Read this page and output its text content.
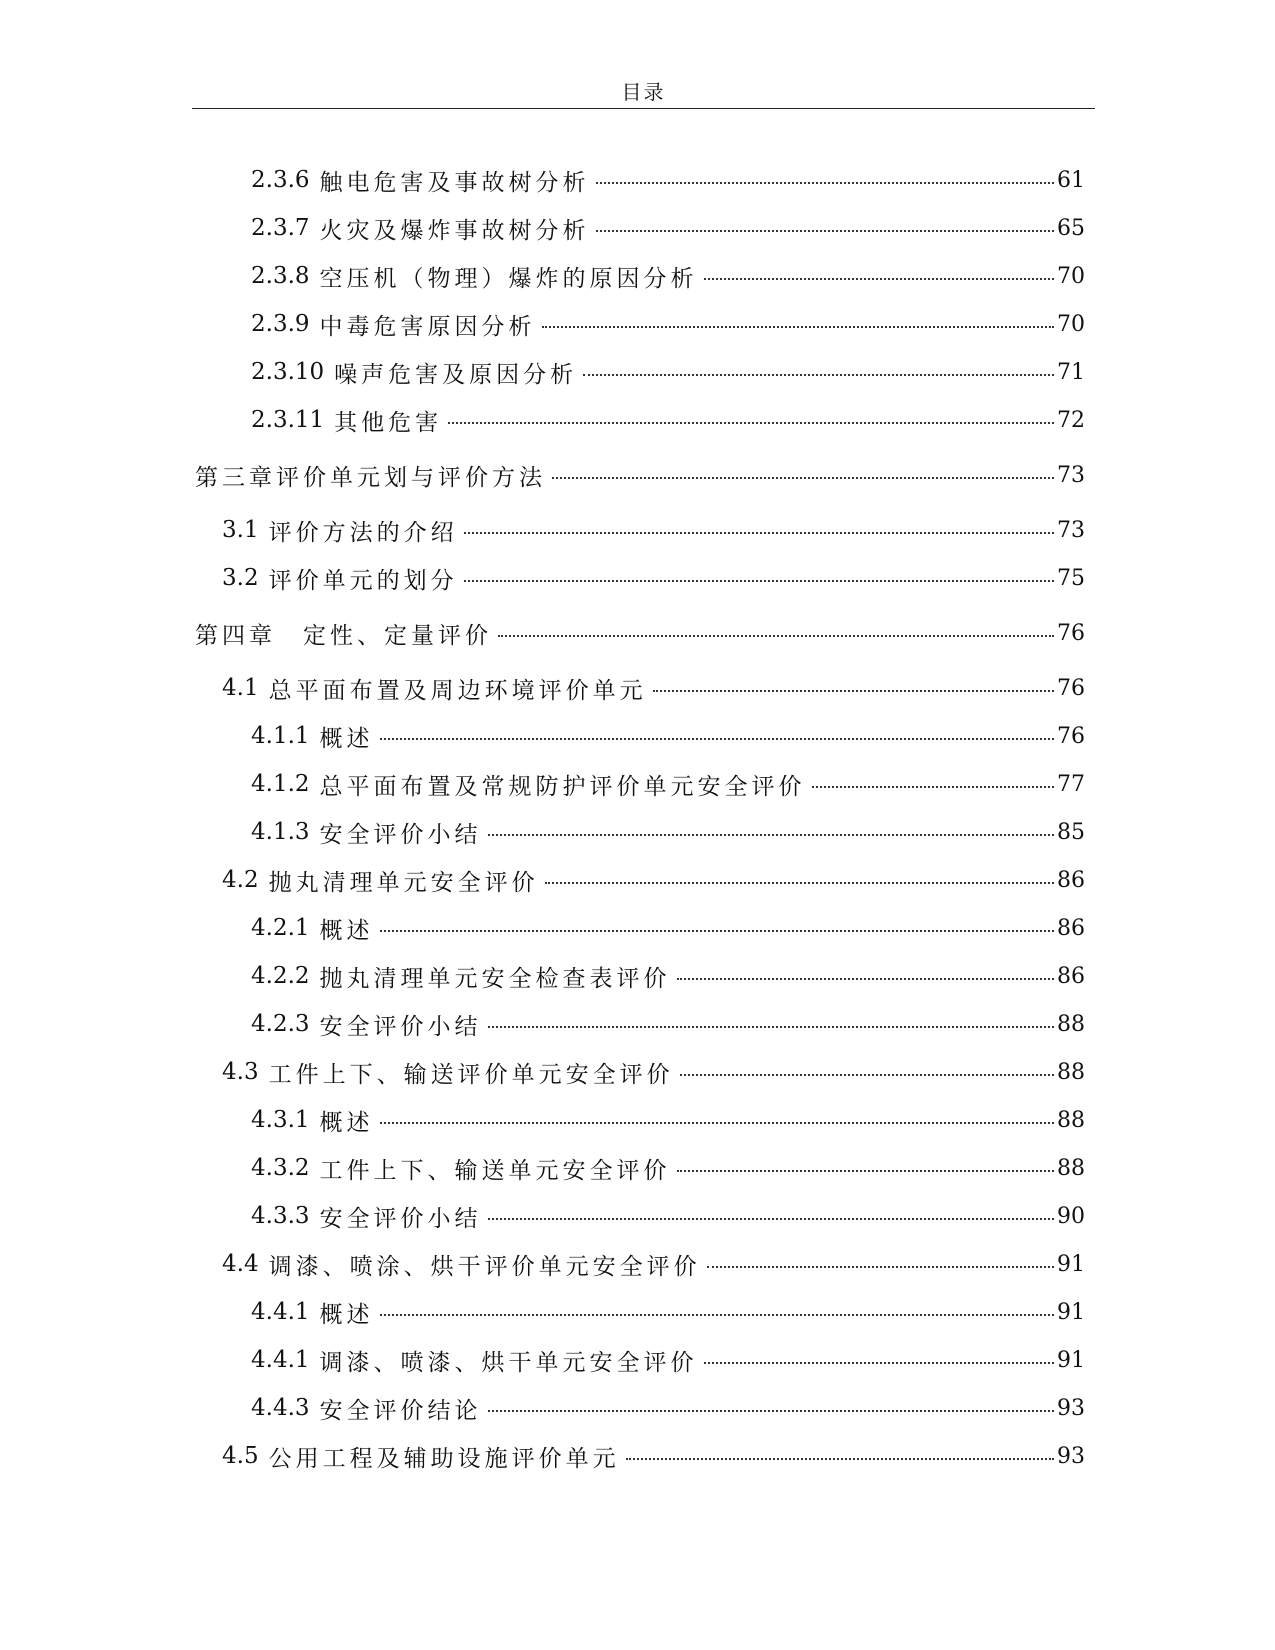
目录
2.3.6 触电危害及事故树分析	61
2.3.7 火灾及爆炸事故树分析	65
2.3.8 空压机（物理）爆炸的原因分析	70
2.3.9 中毒危害原因分析	70
2.3.10 噪声危害及原因分析	71
2.3.11 其他危害	72
第三章评价单元划与评价方法	73
3.1 评价方法的介绍	73
3.2 评价单元的划分	75
第四章　定性、定量评价	76
4.1 总平面布置及周边环境评价单元	76
4.1.1 概述	76
4.1.2 总平面布置及常规防护评价单元安全评价	77
4.1.3 安全评价小结	85
4.2 抛丸清理单元安全评价	86
4.2.1 概述	86
4.2.2 抛丸清理单元安全检查表评价	86
4.2.3 安全评价小结	88
4.3 工件上下、输送评价单元安全评价	88
4.3.1 概述	88
4.3.2 工件上下、输送单元安全评价	88
4.3.3 安全评价小结	90
4.4 调漆、喷涂、烘干评价单元安全评价	91
4.4.1 概述	91
4.4.1 调漆、喷漆、烘干单元安全评价	91
4.4.3 安全评价结论	93
4.5 公用工程及辅助设施评价单元	93
